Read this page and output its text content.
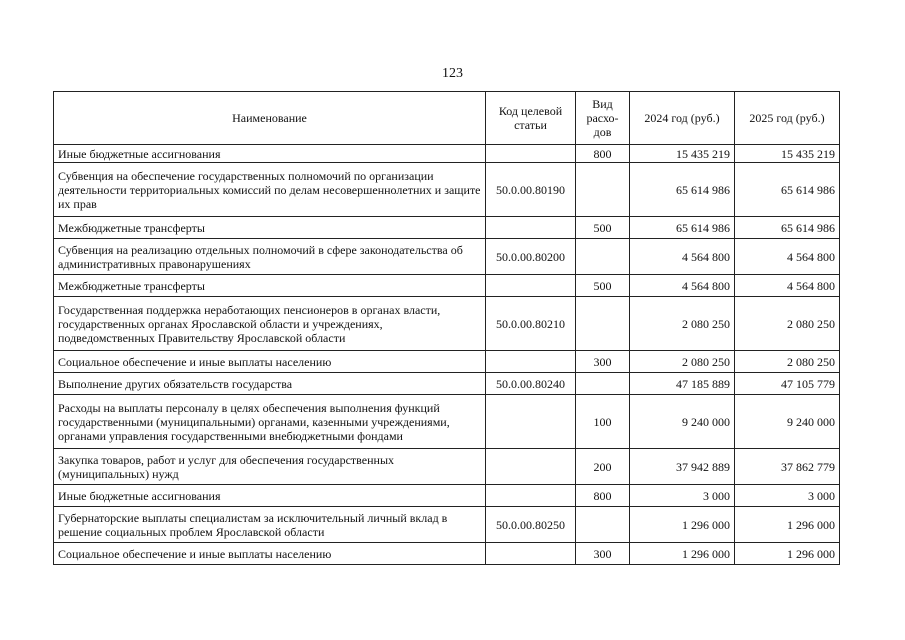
123
Наименование	Код целевой статьи	Вид расхо-дов	2024 год (руб.)	2025 год (руб.)
Иные бюджетные ассигнования		800	15 435 219	15 435 219
Субвенция на обеспечение государственных полномочий по организации деятельности территориальных комиссий по делам несовершеннолетних и защите их прав	50.0.00.80190		65 614 986	65 614 986
Межбюджетные трансферты		500	65 614 986	65 614 986
Субвенция на реализацию отдельных полномочий в сфере законодательства об административных правонарушениях	50.0.00.80200		4 564 800	4 564 800
Межбюджетные трансферты		500	4 564 800	4 564 800
Государственная поддержка неработающих пенсионеров в органах власти, государственных органах Ярославской области и учреждениях, подведомственных Правительству Ярославской области	50.0.00.80210		2 080 250	2 080 250
Социальное обеспечение и иные выплаты населению		300	2 080 250	2 080 250
Выполнение других обязательств государства	50.0.00.80240		47 185 889	47 105 779
Расходы на выплаты персоналу в целях обеспечения выполнения функций государственными (муниципальными) органами, казенными учреждениями, органами управления государственными внебюджетными фондами		100	9 240 000	9 240 000
Закупка товаров, работ и услуг для обеспечения государственных (муниципальных) нужд		200	37 942 889	37 862 779
Иные бюджетные ассигнования		800	3 000	3 000
Губернаторские выплаты специалистам за исключительный личный вклад в решение социальных проблем Ярославской области	50.0.00.80250		1 296 000	1 296 000
Социальное обеспечение и иные выплаты населению		300	1 296 000	1 296 000
